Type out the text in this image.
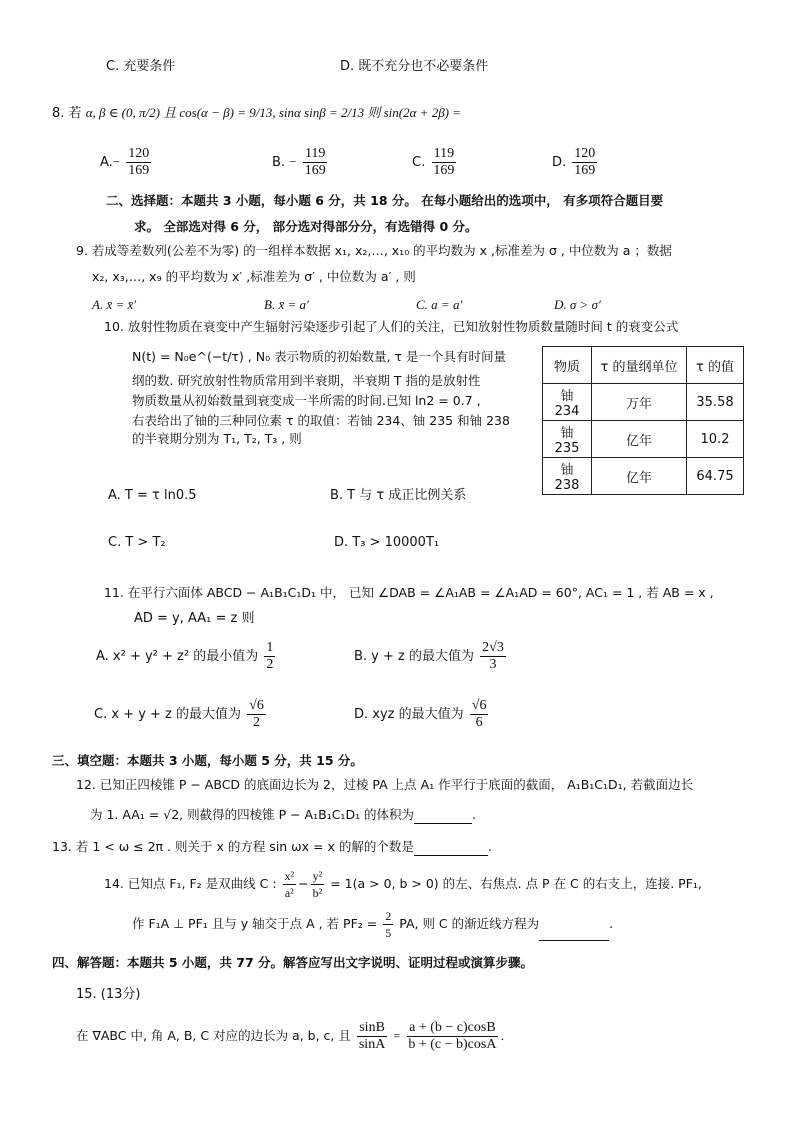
C. 充要条件	D. 既不充分也不必要条件
8. 若 α, β ∈ (0, π/2) 且 cos(α − β) = 9/13, sinα sinβ = 2/13 则 sin(2α + 2β) =
$A.- \frac{120}{169}$	B. − $\frac{119}{169}$	C. $\frac{119}{169}$	D. $\frac{120}{169}$
二、选择题：本题共 3 小题，每小题 6 分，共 18 分。 在每小题给出的选项中， 有多项符合题目要
求。 全部选对得 6 分， 部分选对得部分分，有选错得 0 分。
9. 若成等差数列(公差不为零) 的一组样本数据 x₁, x₂,…, x₁₀ 的平均数为 x ,标准差为 σ , 中位数为 a ；数据
x₂, x₃,…, x₉ 的平均数为 x′ ,标准差为 σ′ , 中位数为 a′ , 则
A. x̄ = x̄′	B. x̄ = a′	C. a = a′	D. σ > σ′
10. 放射性物质在衰变中产生辐射污染逐步引起了人们的关注，已知放射性物质数量随时间 t 的衰变公式
N(t) = N₀e^(−t/τ) , N₀ 表示物质的初始数量, τ 是一个具有时间量
纲的数. 研究放射性物质常用到半衰期，半衰期 T 指的是放射性
物质数量从初始数量到衰变成一半所需的时间.已知 ln2 = 0.7 ,
右表给出了铀的三种同位素 τ 的取值：若铀 234、铀 235 和铀 238
的半衰期分别为 T₁, T₂, T₃ , 则
物质	τ 的量纲单位	τ 的值
铀 234	万年	35.58
铀 235	亿年	10.2
铀 238	亿年	64.75
A. T = τ ln0.5	B. T 与 τ 成正比例关系
C. T > T₂	D. T₃ > 10000T₁
11. 在平行六面体 ABCD − A₁B₁C₁D₁ 中， 已知 ∠DAB = ∠A₁AB = ∠A₁AD = 60°, AC₁ = 1 , 若 AB = x ,
AD = y, AA₁ = z 则
A. x² + y² + z² 的最小值为 $\frac{1}{2}$	B. y + z 的最大值为 $\frac{2√3}{3}$
C. x + y + z 的最大值为 $\frac{√6}{2}$	D. xyz 的最大值为 $\frac{√6}{6}$
三、填空题：本题共 3 小题，每小题 5 分，共 15 分。
12. 已知正四棱锥 P − ABCD 的底面边长为 2，过棱 PA 上点 A₁ 作平行于底面的截面， A₁B₁C₁D₁, 若截面边长
为 1. AA₁ = √2, 则截得的四棱锥 P − A₁B₁C₁D₁ 的体积为	.
13. 若 1 < ω ≤ 2π . 则关于 x 的方程 sin ωx = x 的解的个数是	.
14. 已知点 F₁, F₂ 是双曲线 C : $\frac{\text{x²}}{\text{a²}} - \frac{\text{y²}}{\text{b²}} = 1(a > 0$, b > 0) 的左、右焦点. 点 P 在 C 的右支上，连接. PF₁,
作 F₁A ⊥ PF₁ 且与 y 轴交于点 A , 若 $PF_2 = \frac{2}{5}$ PA, 则 C 的渐近线方程为	.
四、解答题：本题共 5 小题，共 77 分。解答应写出文字说明、证明过程或演算步骤。
15. (13分)
在 ∇ABC 中, 角 A, B, C 对应的边长为 a, b, c, 且 $\frac{\sin B}{\sin A} = \frac{a + (b - c)\cos B}{b + (c - b)\cos A}$ .
